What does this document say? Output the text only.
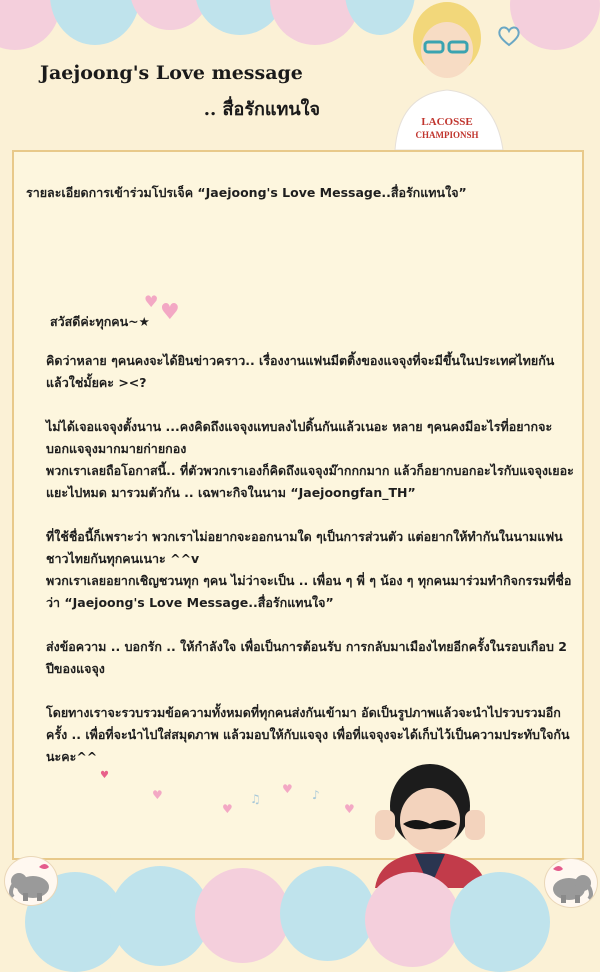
LACOSSE
CHAMPIONSH
Jaejoong's Love message
.. สื่อรักแทนใจ

รายละเอียดการเข้าร่วมโปรเจ็ค “Jaejoong's Love Message..สื่อรักแทนใจ”

♥ ♥
สวัสดีค่ะทุกคน~★

คิดว่าหลาย ๆคนคงจะได้ยินข่าวคราว.. เรื่องงานแฟนมีตติ้งของแจจุงที่จะมีขึ้นในประเทศไทยกันแล้วใช่มั้ยคะ ><?

ไม่ได้เจอแจจุงตั้งนาน ...คงคิดถึงแจจุงแทบลงไปดิ้นกันแล้วเนอะ หลาย ๆคนคงมีอะไรที่อยากจะบอกแจจุงมากมายก่ายกอง

พวกเราเลยถือโอกาสนี้.. ที่ตัวพวกเราเองก็คิดถึงแจจุงม๊ากกกมาก แล้วก็อยากบอกอะไรกับแจจุงเยอะแยะไปหมด มารวมตัวกัน .. เฉพาะกิจในนาม “Jaejoongfan_TH”

ที่ใช้ชื่อนี้ก็เพราะว่า พวกเราไม่อยากจะออกนามใด ๆเป็นการส่วนตัว แต่อยากให้ทำกันในนามแฟนชาวไทยกันทุกคนเนาะ ^^v

พวกเราเลยอยากเชิญชวนทุก ๆคน ไม่ว่าจะเป็น .. เพื่อน ๆ พี่ ๆ น้อง ๆ ทุกคนมาร่วมทำกิจกรรมที่ชื่อว่า “Jaejoong's Love Message..สื่อรักแทนใจ”

ส่งข้อความ .. บอกรัก .. ให้กำลังใจ เพื่อเป็นการต้อนรับ การกลับมาเมืองไทยอีกครั้งในรอบเกือบ 2 ปีของแจจุง

โดยทางเราจะรวบรวมข้อความทั้งหมดที่ทุกคนส่งกันเข้ามา อัดเป็นรูปภาพแล้วจะนำไปรวบรวมอีกครั้ง .. เพื่อที่จะนำไปใส่สมุดภาพ แล้วมอบให้กับแจจุง เพื่อที่แจจุงจะได้เก็บไว้เป็นความประทับใจกันนะคะ^^

♥
♥
♥
♥
♥
♫	♪
